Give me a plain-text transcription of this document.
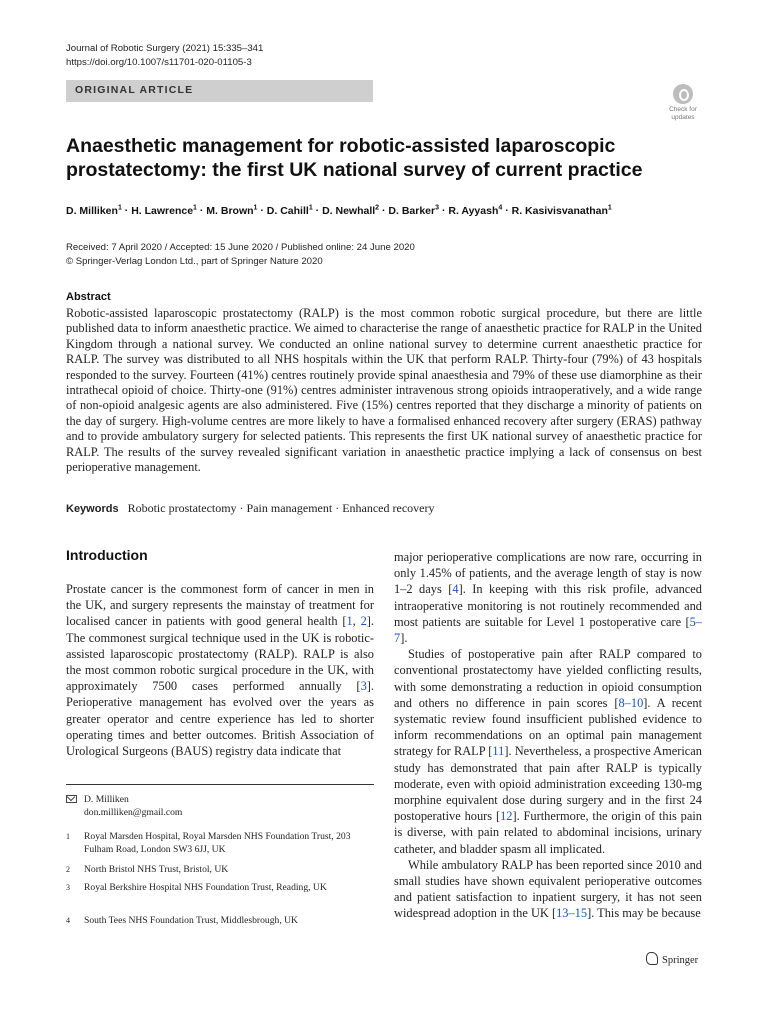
Journal of Robotic Surgery (2021) 15:335–341
https://doi.org/10.1007/s11701-020-01105-3
ORIGINAL ARTICLE
Check for
updates
Anaesthetic management for robotic-assisted laparoscopic prostatectomy: the first UK national survey of current practice
D. Milliken$^1$ · H. Lawrence$^1$ · M. Brown$^1$ · D. Cahill$^1$ · D. Newhall$^2$ · D. Barker$^3$ · R. Ayyash$^4$ · R. Kasivisvanathan$^1$
Received: 7 April 2020 / Accepted: 15 June 2020 / Published online: 24 June 2020
© Springer-Verlag London Ltd., part of Springer Nature 2020
Abstract
Robotic-assisted laparoscopic prostatectomy (RALP) is the most common robotic surgical procedure, but there are little published data to inform anaesthetic practice. We aimed to characterise the range of anaesthetic practice for RALP in the United Kingdom through a national survey. We conducted an online national survey to determine current anaesthetic practice for RALP. The survey was distributed to all NHS hospitals within the UK that perform RALP. Thirty-four (79%) of 43 hospitals responded to the survey. Fourteen (41%) centres routinely provide spinal anaesthesia and 79% of these use diamorphine as their intrathecal opioid of choice. Thirty-one (91%) centres administer intravenous strong opioids intraoperatively, and a wide range of non-opioid analgesic agents are also administered. Five (15%) centres reported that they discharge a minority of patients on the day of surgery. High-volume centres are more likely to have a formalised enhanced recovery after surgery (ERAS) pathway and to provide ambulatory surgery for selected patients. This represents the first UK national survey of anaesthetic practice for RALP. The results of the survey revealed significant variation in anaesthetic practice implying a lack of consensus on best perioperative management.
Keywords Robotic prostatectomy · Pain management · Enhanced recovery
Introduction
Prostate cancer is the commonest form of cancer in men in the UK, and surgery represents the mainstay of treatment for localised cancer in patients with good general health [1, 2]. The commonest surgical technique used in the UK is robotic-assisted laparoscopic prostatectomy (RALP). RALP is also the most common robotic surgical procedure in the UK, with approximately 7500 cases performed annually [3]. Perioperative management has evolved over the years as greater operator and centre experience has led to shorter operating times and better outcomes. British Association of Urological Surgeons (BAUS) registry data indicate that

major perioperative complications are now rare, occurring in only 1.45% of patients, and the average length of stay is now 1–2 days [4]. In keeping with this risk profile, advanced intraoperative monitoring is not routinely recommended and most patients are suitable for Level 1 postoperative care [5–7].

Studies of postoperative pain after RALP compared to conventional prostatectomy have yielded conflicting results, with some demonstrating a reduction in opioid consumption and others no difference in pain scores [8–10]. A recent systematic review found insufficient published evidence to inform recommendations on an optimal pain management strategy for RALP [11]. Nevertheless, a prospective American study has demonstrated that pain after RALP is typically moderate, even with opioid administration exceeding 130-mg morphine equivalent dose during surgery and in the first 24 postoperative hours [12]. Furthermore, the origin of this pain is diverse, with pain related to abdominal incisions, urinary catheter, and bladder spasm all implicated.

While ambulatory RALP has been reported since 2010 and small studies have shown equivalent perioperative outcomes and patient satisfaction to inpatient surgery, it has not seen widespread adoption in the UK [13–15]. This may be because

D. Milliken
don.milliken@gmail.com
1 Royal Marsden Hospital, Royal Marsden NHS Foundation Trust, 203 Fulham Road, London SW3 6JJ, UK
2 North Bristol NHS Trust, Bristol, UK
3 Royal Berkshire Hospital NHS Foundation Trust, Reading, UK
4 South Tees NHS Foundation Trust, Middlesbrough, UK
Springer
